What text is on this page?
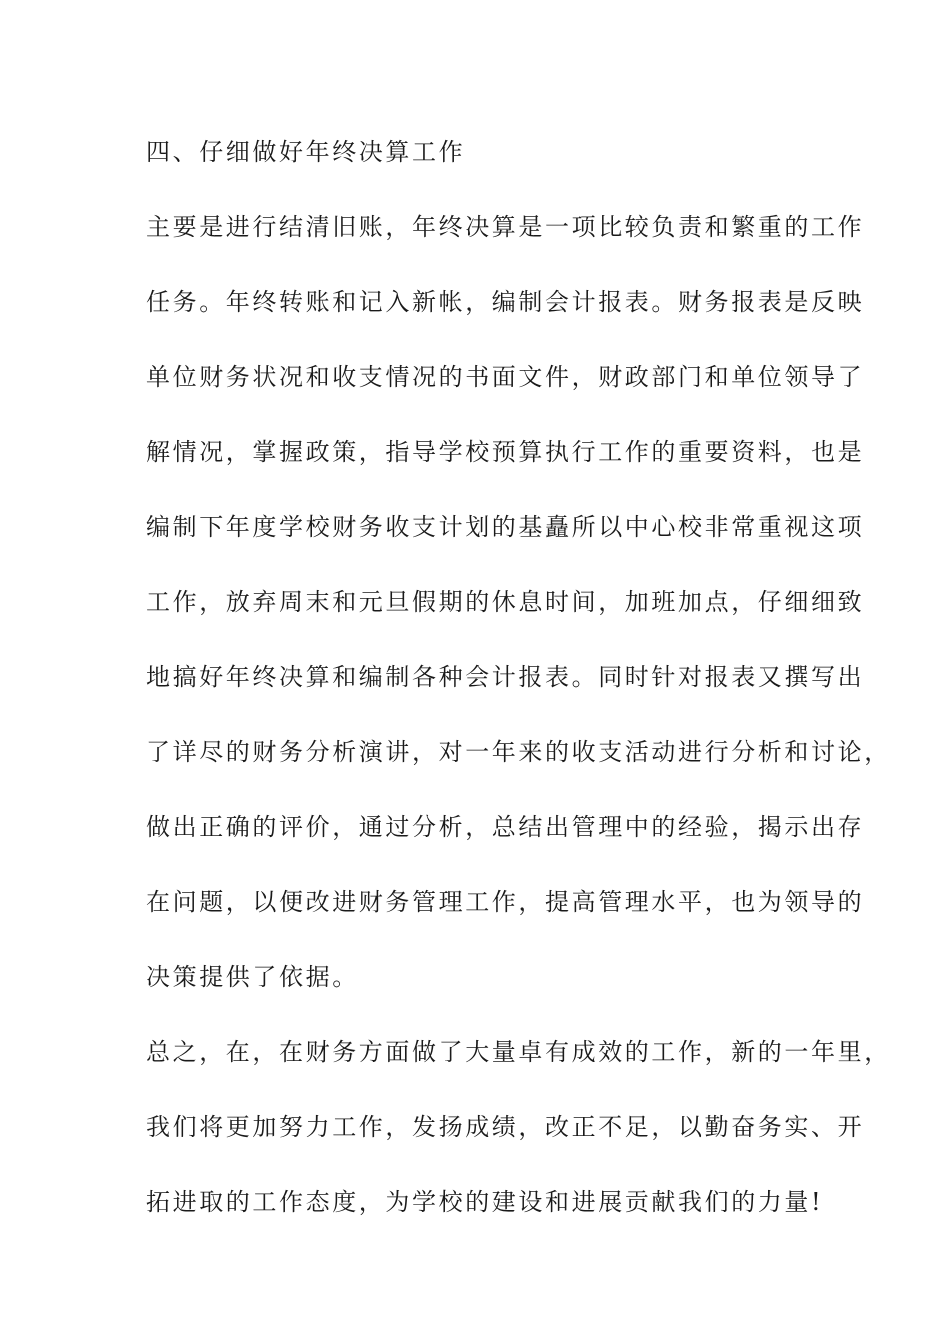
四、仔细做好年终决算工作

主要是进行结清旧账，年终决算是一项比较负责和繁重的工作

任务。年终转账和记入新帐，编制会计报表。财务报表是反映

单位财务状况和收支情况的书面文件，财政部门和单位领导了

解情况，掌握政策，指导学校预算执行工作的重要资料，也是

编制下年度学校财务收支计划的基矗所以中心校非常重视这项

工作，放弃周末和元旦假期的休息时间，加班加点，仔细细致

地搞好年终决算和编制各种会计报表。同时针对报表又撰写出

了详尽的财务分析演讲，对一年来的收支活动进行分析和讨论，

做出正确的评价，通过分析，总结出管理中的经验，揭示出存

在问题，以便改进财务管理工作，提高管理水平，也为领导的

决策提供了依据。

总之，在，在财务方面做了大量卓有成效的工作，新的一年里，

我们将更加努力工作，发扬成绩，改正不足，以勤奋务实、开

拓进取的工作态度，为学校的建设和进展贡献我们的力量!
